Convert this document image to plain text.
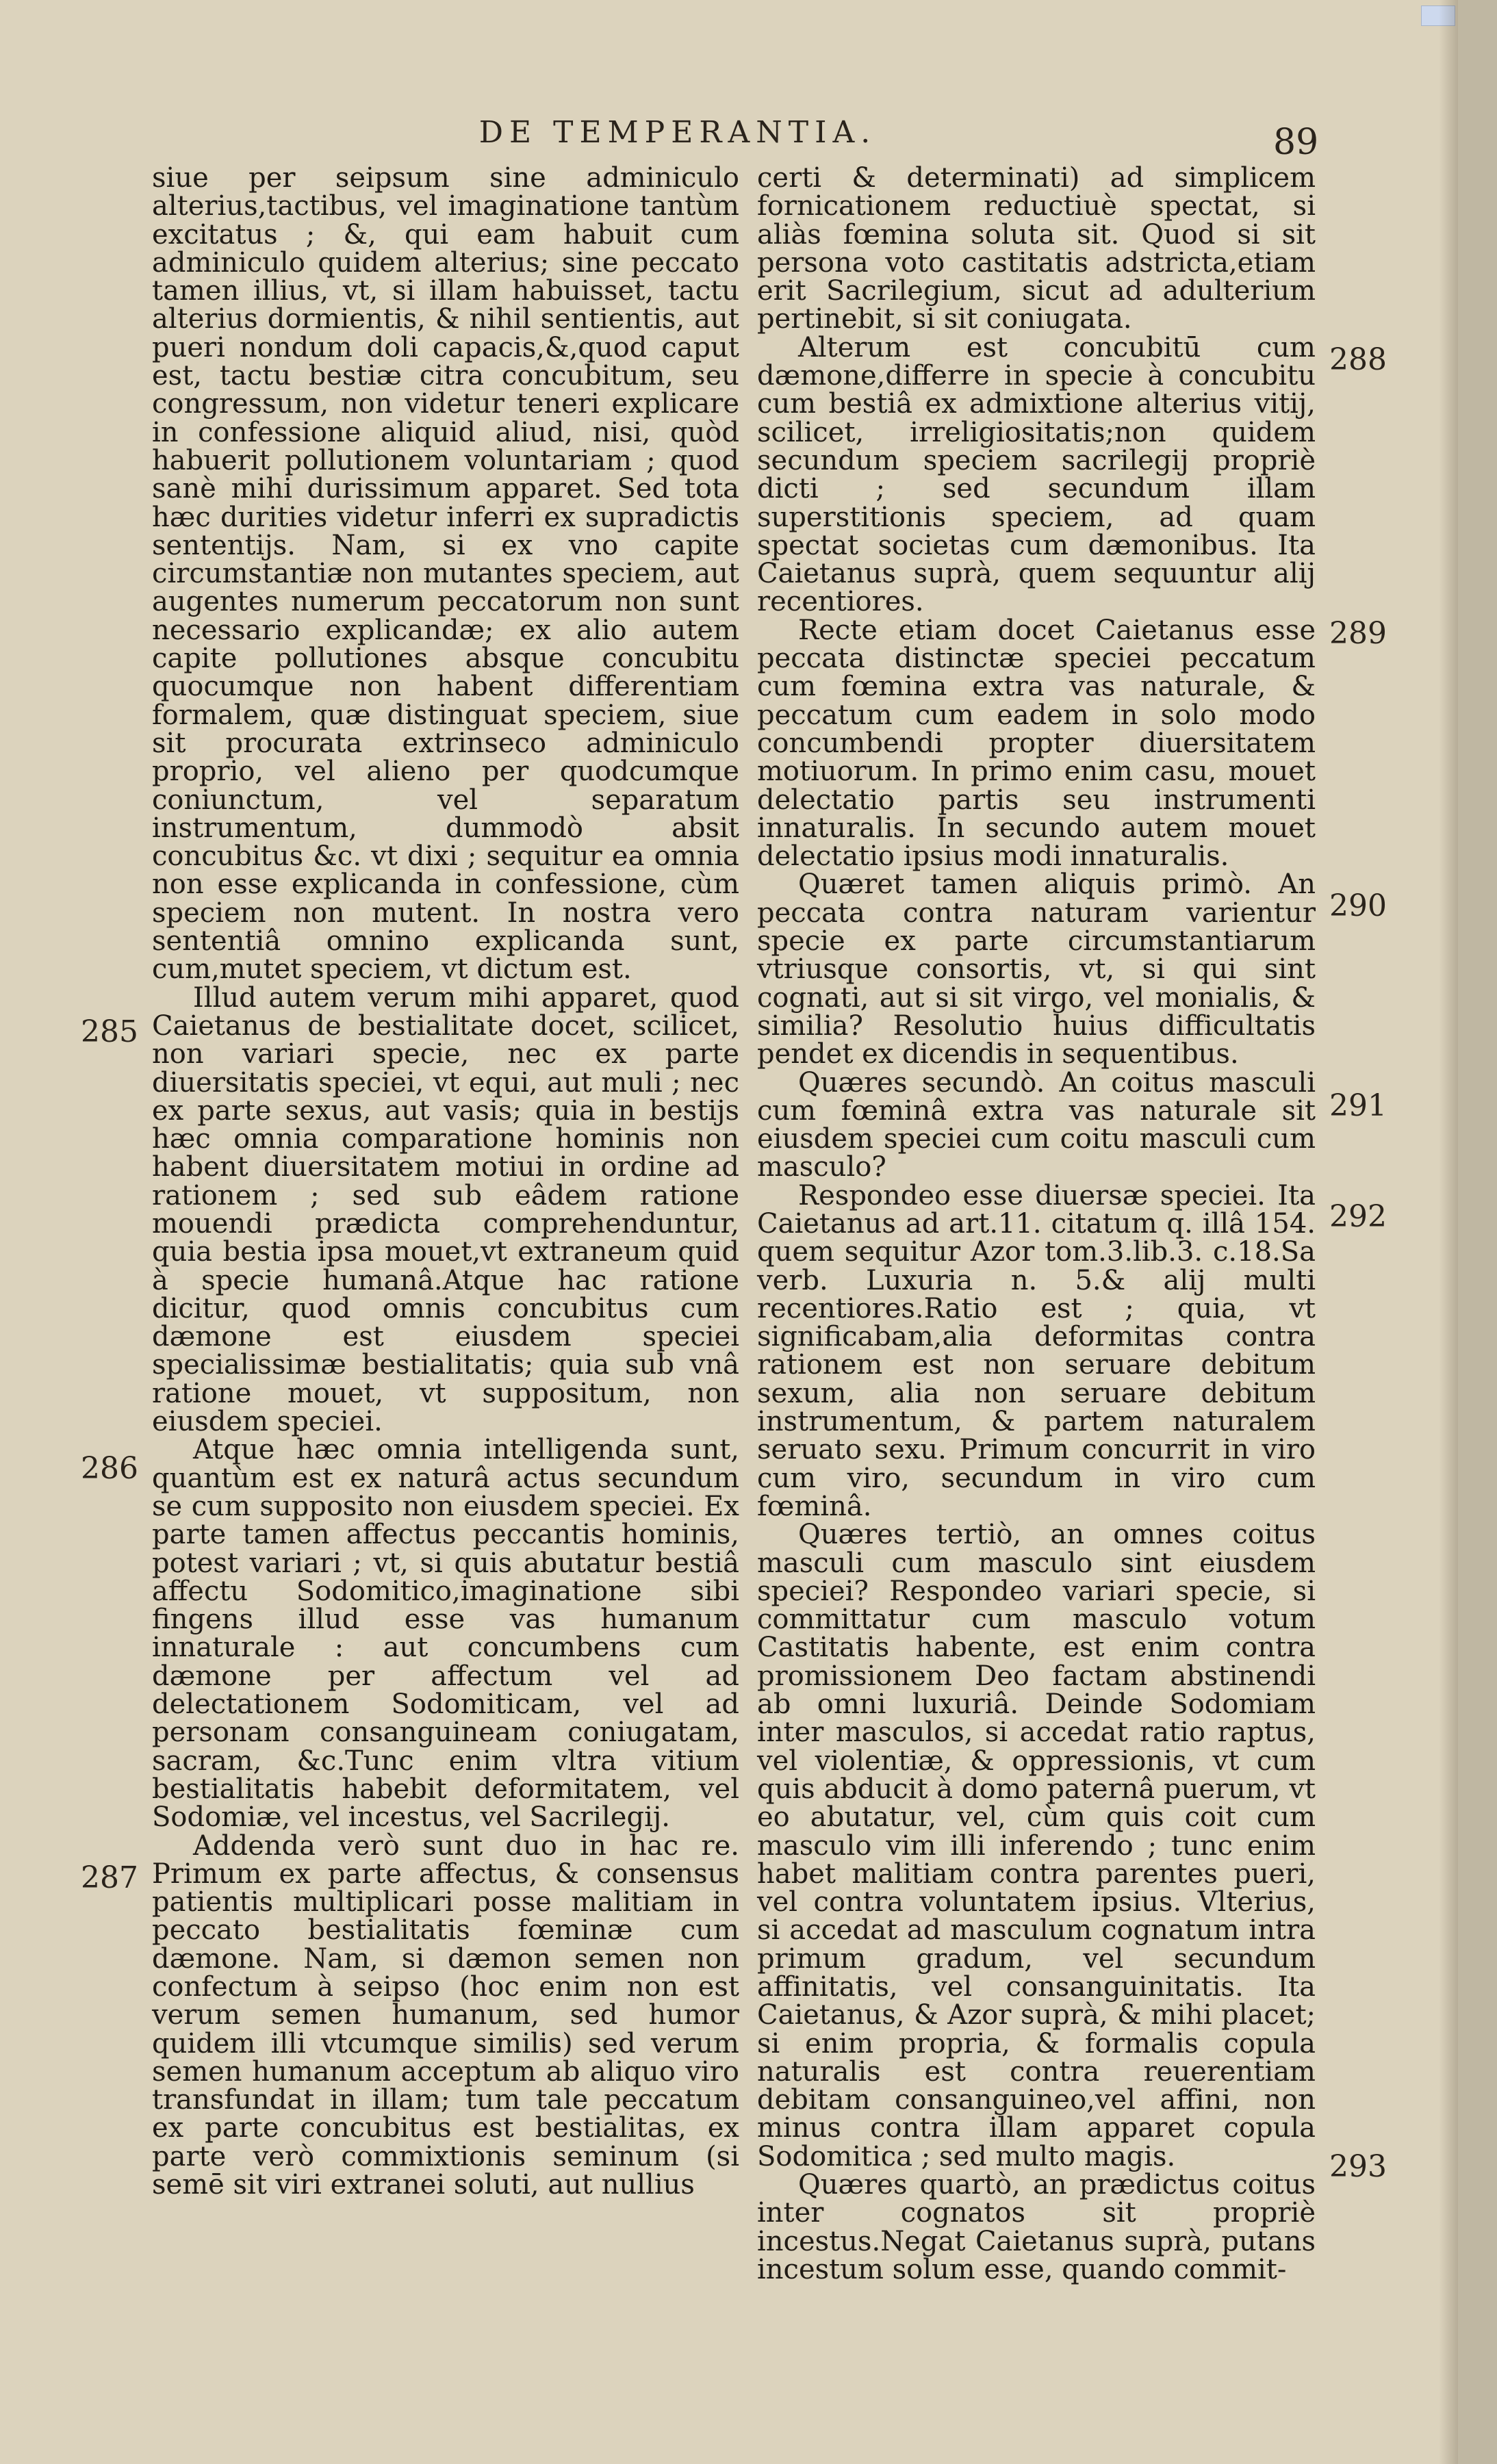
DE TEMPERANTIA.	89

siue per seipsum sine adminiculo alterius,tactibus, vel imaginatione tantùm excitatus ; &, qui eam habuit cum adminiculo quidem alterius; sine peccato tamen illius, vt, si illam habuisset, tactu alterius dormientis, & nihil sentientis, aut pueri nondum doli capacis,&,quod caput est, tactu bestiæ citra concubitum, seu congressum, non videtur teneri explicare in confessione aliquid aliud, nisi, quòd habuerit pollutionem voluntariam ; quod sanè mihi durissimum apparet. Sed tota hæc durities videtur inferri ex supradictis sententijs. Nam, si ex vno capite circumstantiæ non mutantes speciem, aut augentes numerum peccatorum non sunt necessario explicandæ; ex alio autem capite pollutiones absque concubitu quocumque non habent differentiam formalem, quæ distinguat speciem, siue sit procurata extrinseco adminiculo proprio, vel alieno per quodcumque coniunctum, vel separatum instrumentum, dummodò absit concubitus &c. vt dixi ; sequitur ea omnia non esse explicanda in confessione, cùm speciem non mutent. In nostra vero sententiâ omnino explicanda sunt, cum,mutet speciem, vt dictum est.

Illud autem verum mihi apparet, quod Caietanus de bestialitate docet, scilicet, non variari specie, nec ex parte diuersitatis speciei, vt equi, aut muli ; nec ex parte sexus, aut vasis; quia in bestijs hæc omnia comparatione hominis non habent diuersitatem motiui in ordine ad rationem ; sed sub eâdem ratione mouendi prædicta comprehenduntur, quia bestia ipsa mouet,vt extraneum quid à specie humanâ.Atque hac ratione dicitur, quod omnis concubitus cum dæmone est eiusdem speciei specialissimæ bestialitatis; quia sub vnâ ratione mouet, vt suppositum, non eiusdem speciei.

Atque hæc omnia intelligenda sunt, quantùm est ex naturâ actus secundum se cum supposito non eiusdem speciei. Ex parte tamen affectus peccantis hominis, potest variari ; vt, si quis abutatur bestiâ affectu Sodomitico,imaginatione sibi fingens illud esse vas humanum innaturale : aut concumbens cum dæmone per affectum vel ad delectationem Sodomiticam, vel ad personam consanguineam coniugatam, sacram, &c.Tunc enim vltra vitium bestialitatis habebit deformitatem, vel Sodomiæ, vel incestus, vel Sacrilegij.

Addenda verò sunt duo in hac re. Primum ex parte affectus, & consensus patientis multiplicari posse malitiam in peccato bestialitatis fœminæ cum dæmone. Nam, si dæmon semen non confectum à seipso (hoc enim non est verum semen humanum, sed humor quidem illi vtcumque similis) sed verum semen humanum acceptum ab aliquo viro transfundat in illam; tum tale peccatum ex parte concubitus est bestialitas, ex parte verò commixtionis seminum (si semē sit viri extranei soluti, aut nullius

certi & determinati) ad simplicem fornicationem reductiuè spectat, si aliàs fœmina soluta sit. Quod si sit persona voto castitatis adstricta,etiam erit Sacrilegium, sicut ad adulterium pertinebit, si sit coniugata.

Alterum est concubitū cum dæmone,differre in specie à concubitu cum bestiâ ex admixtione alterius vitij, scilicet, irreligiositatis;non quidem secundum speciem sacrilegij propriè dicti ; sed secundum illam superstitionis speciem, ad quam spectat societas cum dæmonibus. Ita Caietanus suprà, quem sequuntur alij recentiores.

Recte etiam docet Caietanus esse peccata distinctæ speciei peccatum cum fœmina extra vas naturale, & peccatum cum eadem in solo modo concumbendi propter diuersitatem motiuorum. In primo enim casu, mouet delectatio partis seu instrumenti innaturalis. In secundo autem mouet delectatio ipsius modi innaturalis.

Quæret tamen aliquis primò. An peccata contra naturam varientur specie ex parte circumstantiarum vtriusque consortis, vt, si qui sint cognati, aut si sit virgo, vel monialis, & similia? Resolutio huius difficultatis pendet ex dicendis in sequentibus.

Quæres secundò. An coitus masculi cum fœminâ extra vas naturale sit eiusdem speciei cum coitu masculi cum masculo?

Respondeo esse diuersæ speciei. Ita Caietanus ad art.11. citatum q. illâ 154. quem sequitur Azor tom.3.lib.3. c.18.Sa verb. Luxuria n. 5.& alij multi recentiores.Ratio est ; quia, vt significabam,alia deformitas contra rationem est non seruare debitum sexum, alia non seruare debitum instrumentum, & partem naturalem seruato sexu. Primum concurrit in viro cum viro, secundum in viro cum fœminâ.

Quæres tertiò, an omnes coitus masculi cum masculo sint eiusdem speciei? Respondeo variari specie, si committatur cum masculo votum Castitatis habente, est enim contra promissionem Deo factam abstinendi ab omni luxuriâ. Deinde Sodomiam inter masculos, si accedat ratio raptus, vel violentiæ, & oppressionis, vt cum quis abducit à domo paternâ puerum, vt eo abutatur, vel, cùm quis coit cum masculo vim illi inferendo ; tunc enim habet malitiam contra parentes pueri, vel contra voluntatem ipsius. Vlterius, si accedat ad masculum cognatum intra primum gradum, vel secundum affinitatis, vel consanguinitatis. Ita Caietanus, & Azor suprà, & mihi placet; si enim propria, & formalis copula naturalis est contra reuerentiam debitam consanguineo,vel affini, non minus contra illam apparet copula Sodomitica ; sed multo magis.

Quæres quartò, an prædictus coitus inter cognatos sit propriè incestus.Negat Caietanus suprà, putans incestum solum esse, quando commit-

285
286
287
288
289
290
291
292
293
